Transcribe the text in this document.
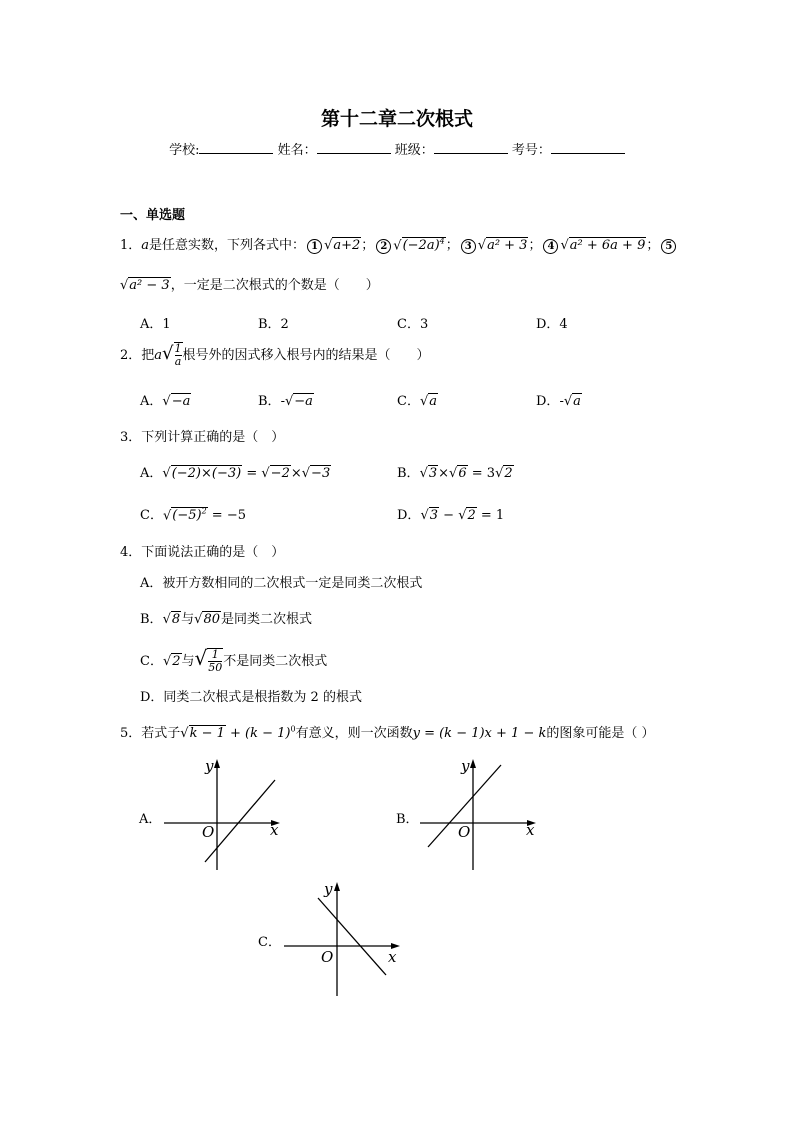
第十二章二次根式
学校:	姓名：	班级：	考号：
一、单选题
1．a是任意实数，下列各式中： 1 √a+2； 2 $√(-2a)^4$； 3 √a² + 3； 4 √a² + 6a + 9； 5
√a² − 3，一定是二次根式的个数是（　　）
A．1	B．2	C．3	D．4
2．把$a√ \frac{1}{a}$ 根号外的因式移入根号内的结果是（　　）
A．√−a	B．-√−a	C．√a	D．-√a
3．下列计算正确的是（　）
A．√(−2)×(−3) = √−2×√−3	B．√3×√6 = 3√2
C．$√(-5)^2 = -5$	D．√3 − √2 = 1
4．下面说法正确的是（　）
A．被开方数相同的二次根式一定是同类二次根式
B．√8与√80是同类二次根式
C．√2与√ $\frac{1}{50}$ 不是同类二次根式
D．同类二次根式是根指数为 2 的根式
5．若式子$√k - 1 + (k - 1)^0$有意义，则一次函数y = (k − 1)x + 1 − k的图象可能是（ ）
A．
y
x
O
B．
y
x
O
C．
y
x
O
